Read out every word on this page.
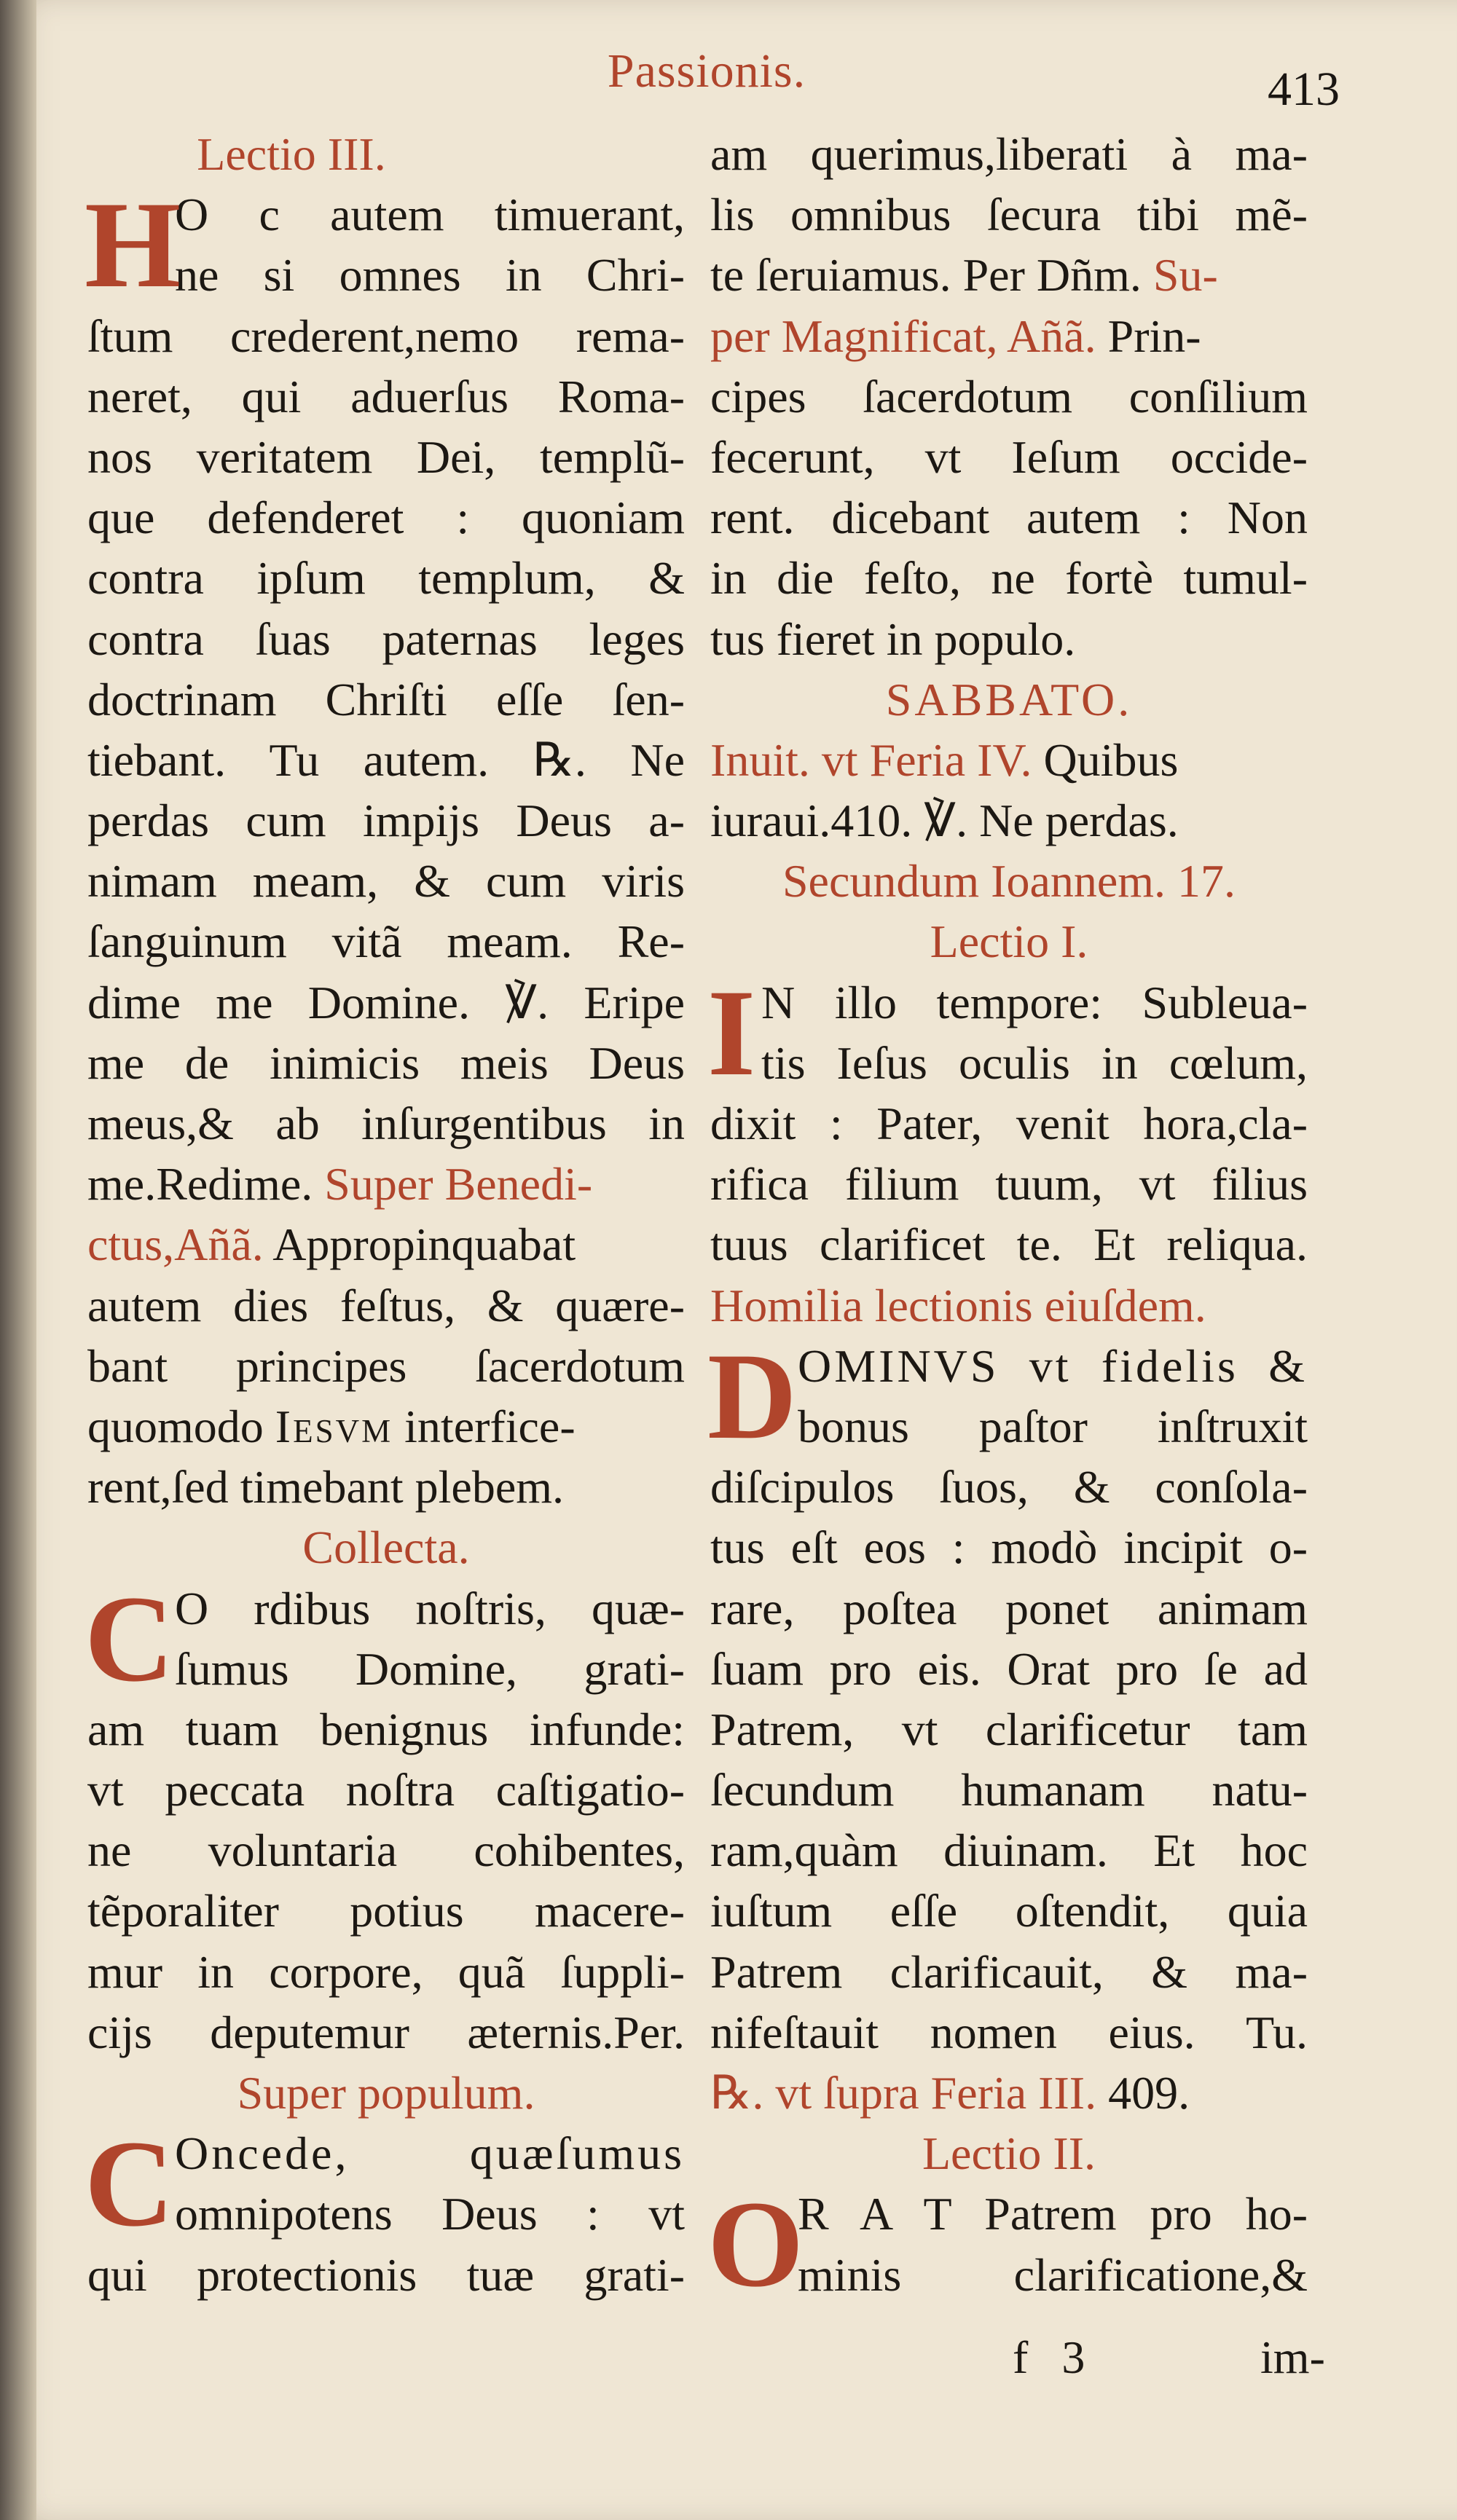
Passionis.	413
Lectio III.
H
O c autem timuerant,
ne si omnes in Chri-
ſtum crederent,nemo rema-
neret, qui aduerſus Roma-
nos veritatem Dei, templũ-
que defenderet : quoniam
contra ipſum templum, &
contra ſuas paternas leges
doctrinam Chriſti eſſe ſen-
tiebant. Tu autem. ℞. Ne
perdas cum impijs Deus a-
nimam meam, & cum viris
ſanguinum vitã meam. Re-
dime me Domine. ℣. Eripe
me de inimicis meis Deus
meus,& ab inſurgentibus in
me.Redime. Super Benedi-
ctus,Añã. Appropinquabat
autem dies feſtus, & quære-
bant principes ſacerdotum
quomodo Iesvm interfice-
rent,ſed timebant plebem.
Collecta.
C O rdibus noſtris, quæ-
ſumus Domine, grati-
am tuam benignus infunde:
vt peccata noſtra caſtigatio-
ne voluntaria cohibentes,
tẽporaliter potius macere-
mur in corpore, quã ſuppli-
cijs deputemur æternis.Per.
Super populum.
C Oncede, quæſumus
omnipotens Deus : vt
qui protectionis tuæ grati-
am querimus,liberati à ma-
lis omnibus ſecura tibi mẽ-
te ſeruiamus. Per Dñm. Su-
per Magnificat, Añã. Prin-
cipes ſacerdotum conſilium
fecerunt, vt Ieſum occide-
rent. dicebant autem : Non
in die feſto, ne fortè tumul-
tus fieret in populo.
SABBATO.
Inuit. vt Feria IV. Quibus
iuraui.410. ℣. Ne perdas.
Secundum Ioannem. 17.
Lectio I.
I N illo tempore: Subleua-
tis Ieſus oculis in cœlum,
dixit : Pater, venit hora,cla-
rifica filium tuum, vt filius
tuus clarificet te. Et reliqua.
Homilia lectionis eiuſdem.
D OMINVS vt fidelis &
bonus paſtor inſtruxit
diſcipulos ſuos, & conſola-
tus eſt eos : modò incipit o-
rare, poſtea ponet animam
ſuam pro eis. Orat pro ſe ad
Patrem, vt clarificetur tam
ſecundum humanam natu-
ram,quàm diuinam. Et hoc
iuſtum eſſe oſtendit, quia
Patrem clarificauit, & ma-
nifeſtauit nomen eius. Tu.
℞. vt ſupra Feria III. 409.
Lectio II.
O
R A T Patrem pro ho-
minis clarificatione,&
f 3	im-
